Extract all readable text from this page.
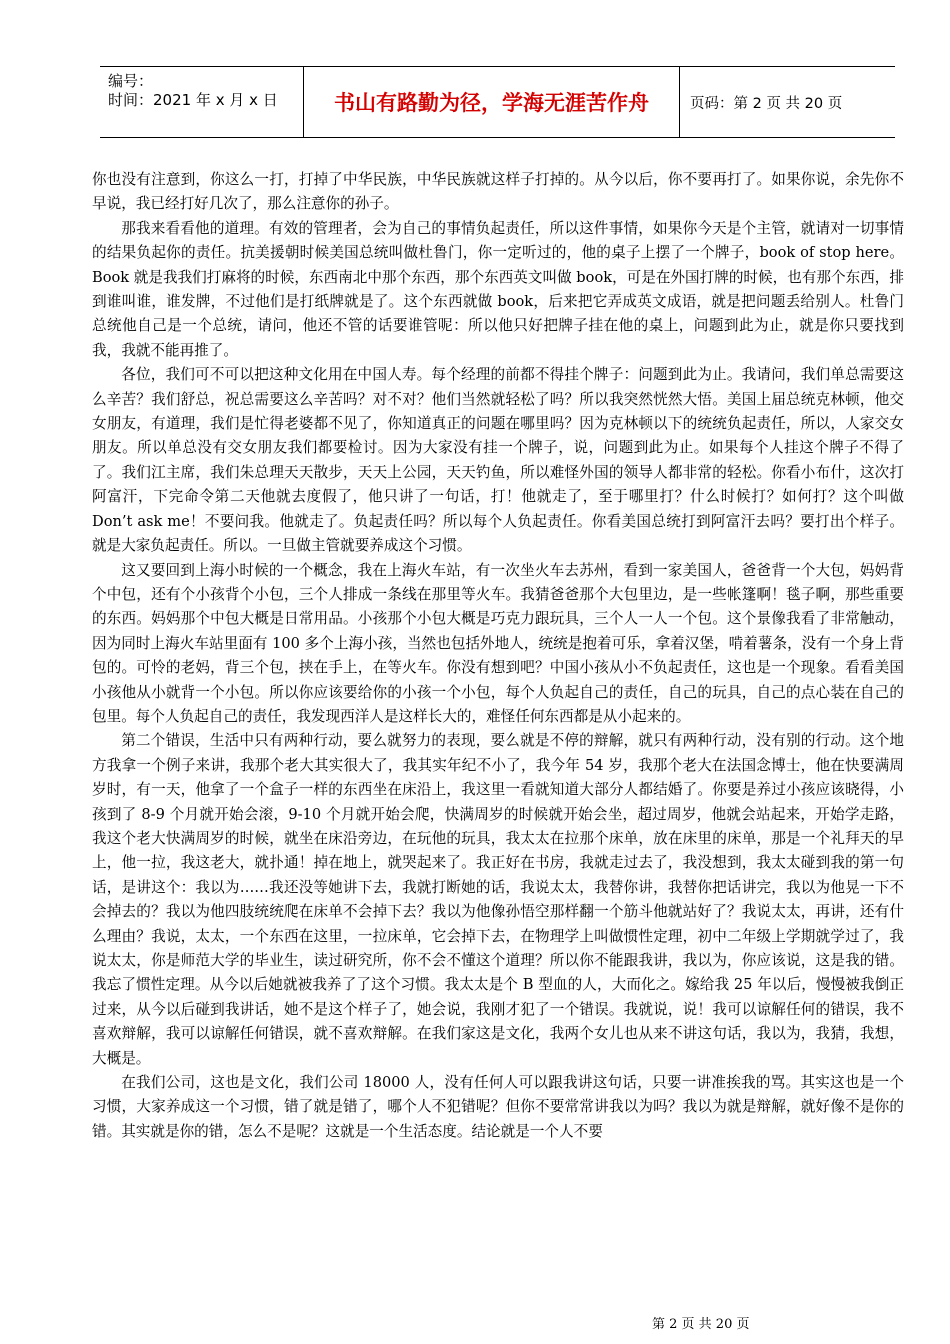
编号：
时间：2021 年 x 月 x 日	书山有路勤为径，学海无涯苦作舟	页码：第 2 页 共 20 页

你也没有注意到，你这么一打，打掉了中华民族，中华民族就这样子打掉的。从今以后，你不要再打了。如果你说，余先你不早说，我已经打好几次了，那么注意你的孙子。

那我来看看他的道理。有效的管理者，会为自己的事情负起责任，所以这件事情，如果你今天是个主管，就请对一切事情的结果负起你的责任。抗美援朝时候美国总统叫做杜鲁门，你一定听过的，他的桌子上摆了一个牌子，book of stop here。Book 就是我我们打麻将的时候，东西南北中那个东西，那个东西英文叫做 book，可是在外国打牌的时候，也有那个东西，排到谁叫谁，谁发牌，不过他们是打纸牌就是了。这个东西就做 book，后来把它弄成英文成语，就是把问题丢给别人。杜鲁门总统他自己是一个总统，请问，他还不管的话要谁管呢：所以他只好把牌子挂在他的桌上，问题到此为止，就是你只要找到我，我就不能再推了。

各位，我们可不可以把这种文化用在中国人寿。每个经理的前都不得挂个牌子：问题到此为止。我请问，我们单总需要这么辛苦？我们舒总，祝总需要这么辛苦吗？对不对？他们当然就轻松了吗？所以我突然恍然大悟。美国上届总统克林顿，他交女朋友，有道理，我们是忙得老婆都不见了，你知道真正的问题在哪里吗？因为克林顿以下的统统负起责任，所以，人家交女朋友。所以单总没有交女朋友我们都要检讨。因为大家没有挂一个牌子，说，问题到此为止。如果每个人挂这个牌子不得了了。我们江主席，我们朱总理天天散步，天天上公园，天天钓鱼，所以难怪外国的领导人都非常的轻松。你看小布什，这次打阿富汗，下完命令第二天他就去度假了，他只讲了一句话，打！他就走了，至于哪里打？什么时候打？如何打？这个叫做 Don’t ask me！不要问我。他就走了。负起责任吗？所以每个人负起责任。你看美国总统打到阿富汗去吗？要打出个样子。就是大家负起责任。所以。一旦做主管就要养成这个习惯。

这又要回到上海小时候的一个概念，我在上海火车站，有一次坐火车去苏州，看到一家美国人，爸爸背一个大包，妈妈背个中包，还有个小孩背个小包，三个人排成一条线在那里等火车。我猜爸爸那个大包里边，是一些帐篷啊！毯子啊，那些重要的东西。妈妈那个中包大概是日常用品。小孩那个小包大概是巧克力跟玩具，三个人一人一个包。这个景像我看了非常触动，因为同时上海火车站里面有 100 多个上海小孩，当然也包括外地人，统统是抱着可乐，拿着汉堡，啃着薯条，没有一个身上背包的。可怜的老妈，背三个包，挟在手上，在等火车。你没有想到吧？中国小孩从小不负起责任，这也是一个现象。看看美国小孩他从小就背一个小包。所以你应该要给你的小孩一个小包，每个人负起自己的责任，自己的玩具，自己的点心装在自己的包里。每个人负起自己的责任，我发现西洋人是这样长大的，难怪任何东西都是从小起来的。

第二个错误，生活中只有两种行动，要么就努力的表现，要么就是不停的辩解，就只有两种行动，没有别的行动。这个地方我拿一个例子来讲，我那个老大其实很大了，我其实年纪不小了，我今年 54 岁，我那个老大在法国念博士，他在快要满周岁时，有一天，他拿了一个盒子一样的东西坐在床沿上，我这里一看就知道大部分人都结婚了。你要是养过小孩应该晓得，小孩到了 8-9 个月就开始会滚，9-10 个月就开始会爬，快满周岁的时候就开始会坐，超过周岁，他就会站起来，开始学走路，我这个老大快满周岁的时候，就坐在床沿旁边，在玩他的玩具，我太太在拉那个床单，放在床里的床单，那是一个礼拜天的早上，他一拉，我这老大，就扑通！掉在地上，就哭起来了。我正好在书房，我就走过去了，我没想到，我太太碰到我的第一句话，是讲这个：我以为……我还没等她讲下去，我就打断她的话，我说太太，我替你讲，我替你把话讲完，我以为他晃一下不会掉去的？我以为他四肢统统爬在床单不会掉下去？我以为他像孙悟空那样翻一个筋斗他就站好了？我说太太，再讲，还有什么理由？我说，太太，一个东西在这里，一拉床单，它会掉下去，在物理学上叫做惯性定理，初中二年级上学期就学过了，我说太太，你是师范大学的毕业生，读过研究所，你不会不懂这个道理？所以你不能跟我讲，我以为，你应该说，这是我的错。我忘了惯性定理。从今以后她就被我养了了这个习惯。我太太是个 B 型血的人，大而化之。嫁给我 25 年以后，慢慢被我倒正过来，从今以后碰到我讲话，她不是这个样子了，她会说，我刚才犯了一个错误。我就说，说！我可以谅解任何的错误，我不喜欢辩解，我可以谅解任何错误，就不喜欢辩解。在我们家这是文化，我两个女儿也从来不讲这句话，我以为，我猜，我想，大概是。

在我们公司，这也是文化，我们公司 18000 人，没有任何人可以跟我讲这句话，只要一讲准挨我的骂。其实这也是一个习惯，大家养成这一个习惯，错了就是错了，哪个人不犯错呢？但你不要常常讲我以为吗？我以为就是辩解，就好像不是你的错。其实就是你的错，怎么不是呢？这就是一个生活态度。结论就是一个人不要

第 2 页 共 20 页
